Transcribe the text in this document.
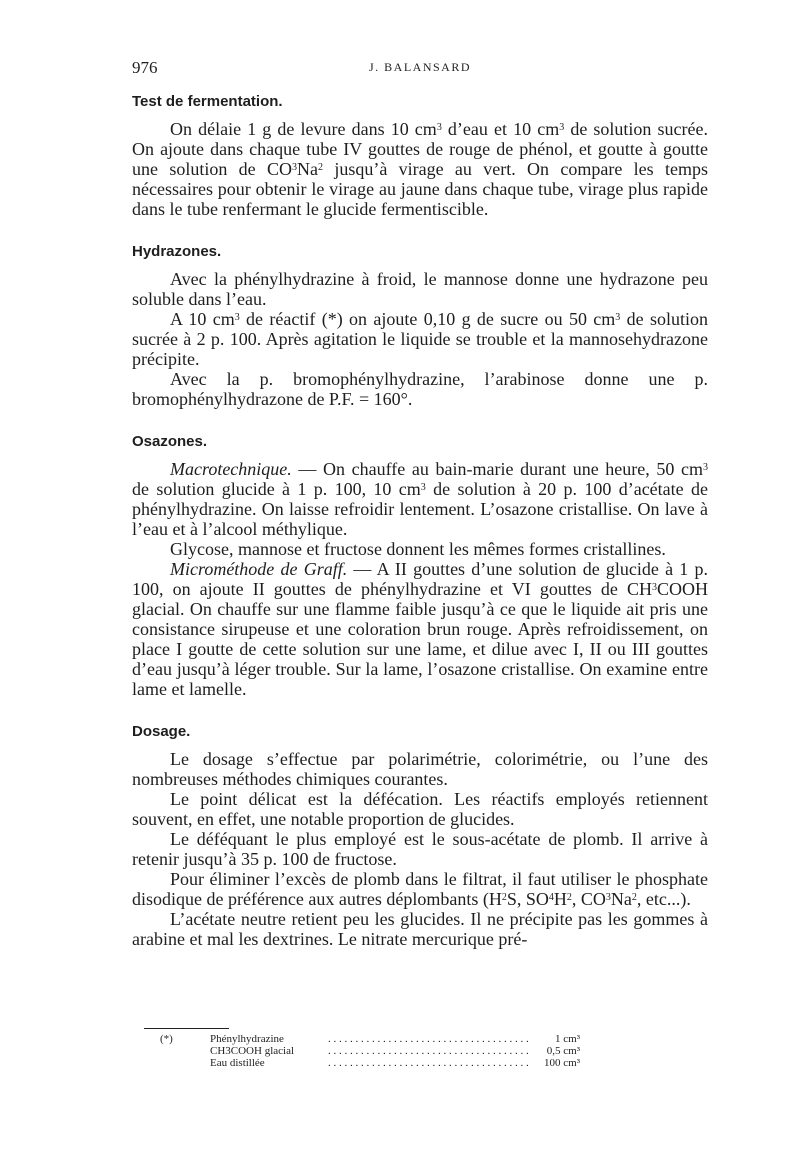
976	J. BALANSARD
Test de fermentation.

On délaie 1 g de levure dans 10 $cm^3$ d’eau et 10 $cm^3$ de solution sucrée. On ajoute dans chaque tube IV gouttes de rouge de phénol, et goutte à goutte une solution de $CO^3Na^2$ jusqu’à virage au vert. On compare les temps nécessaires pour obtenir le virage au jaune dans chaque tube, virage plus rapide dans le tube renfermant le glucide fermentiscible.

Hydrazones.

Avec la phénylhydrazine à froid, le mannose donne une hydrazone peu soluble dans l’eau.

A 10 $cm^3$ de réactif (*) on ajoute 0,10 g de sucre ou 50 $cm^3$ de solution sucrée à 2 p. 100. Après agitation le liquide se trouble et la mannosehydrazone précipite.

Avec la p. bromophénylhydrazine, l’arabinose donne une p. bromophénylhydrazone de P.F. = 160°.

Osazones.

Macrotechnique. — On chauffe au bain-marie durant une heure, 50 $cm^3$ de solution glucide à 1 p. 100, 10 $cm^3$ de solution à 20 p. 100 d’acétate de phénylhydrazine. On laisse refroidir lentement. L’osazone cristallise. On lave à l’eau et à l’alcool méthylique.

Glycose, mannose et fructose donnent les mêmes formes cristallines.

Microméthode de Graff. — A II gouttes d’une solution de glucide à 1 p. 100, on ajoute II gouttes de phénylhydrazine et VI gouttes de $CH^3COOH$ glacial. On chauffe sur une flamme faible jusqu’à ce que le liquide ait pris une consistance sirupeuse et une coloration brun rouge. Après refroidissement, on place I goutte de cette solution sur une lame, et dilue avec I, II ou III gouttes d’eau jusqu’à léger trouble. Sur la lame, l’osazone cristallise. On examine entre lame et lamelle.

Dosage.

Le dosage s’effectue par polarimétrie, colorimétrie, ou l’une des nombreuses méthodes chimiques courantes.

Le point délicat est la défécation. Les réactifs employés retiennent souvent, en effet, une notable proportion de glucides.

Le déféquant le plus employé est le sous-acétate de plomb. Il arrive à retenir jusqu’à 35 p. 100 de fructose.

Pour éliminer l’excès de plomb dans le filtrat, il faut utiliser le phosphate disodique de préférence aux autres déplombants ($H^2S$, $SO^4H^2$, $CO^3Na^2$, etc...).

L’acétate neutre retient peu les glucides. Il ne précipite pas les gommes à arabine et mal les dextrines. Le nitrate mercurique pré-

(*)	Phénylhydrazine . . .	1 cm³
CH3COOH glacial . . .	0,5 cm³
Eau distillée . . .	100 cm³
